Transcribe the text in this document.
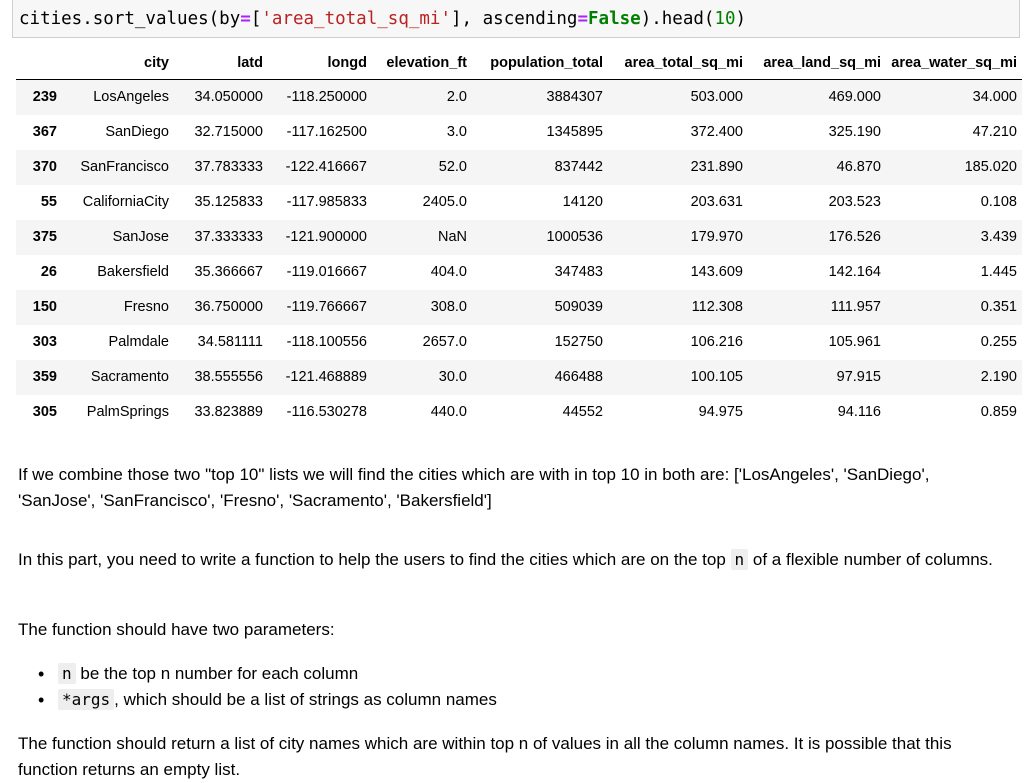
cities.sort_values(by=['area_total_sq_mi'], ascending=False).head(10)
	city	latd	longd	elevation_ft	population_total	area_total_sq_mi	area_land_sq_mi	area_water_sq_mi
239	LosAngeles	34.050000	-118.250000	2.0	3884307	503.000	469.000	34.000
367	SanDiego	32.715000	-117.162500	3.0	1345895	372.400	325.190	47.210
370	SanFrancisco	37.783333	-122.416667	52.0	837442	231.890	46.870	185.020
55	CaliforniaCity	35.125833	-117.985833	2405.0	14120	203.631	203.523	0.108
375	SanJose	37.333333	-121.900000	NaN	1000536	179.970	176.526	3.439
26	Bakersfield	35.366667	-119.016667	404.0	347483	143.609	142.164	1.445
150	Fresno	36.750000	-119.766667	308.0	509039	112.308	111.957	0.351
303	Palmdale	34.581111	-118.100556	2657.0	152750	106.216	105.961	0.255
359	Sacramento	38.555556	-121.468889	30.0	466488	100.105	97.915	2.190
305	PalmSprings	33.823889	-116.530278	440.0	44552	94.975	94.116	0.859

If we combine those two "top 10" lists we will find the cities which are with in top 10 in both are: ['LosAngeles', 'SanDiego', 'SanJose', 'SanFrancisco', 'Fresno', 'Sacramento', 'Bakersfield']

In this part, you need to write a function to help the users to find the cities which are on the top n of a flexible number of columns.

The function should have two parameters:

• n be the top n number for each column
• *args , which should be a list of strings as column names

The function should return a list of city names which are within top n of values in all the column names. It is possible that this function returns an empty list.
